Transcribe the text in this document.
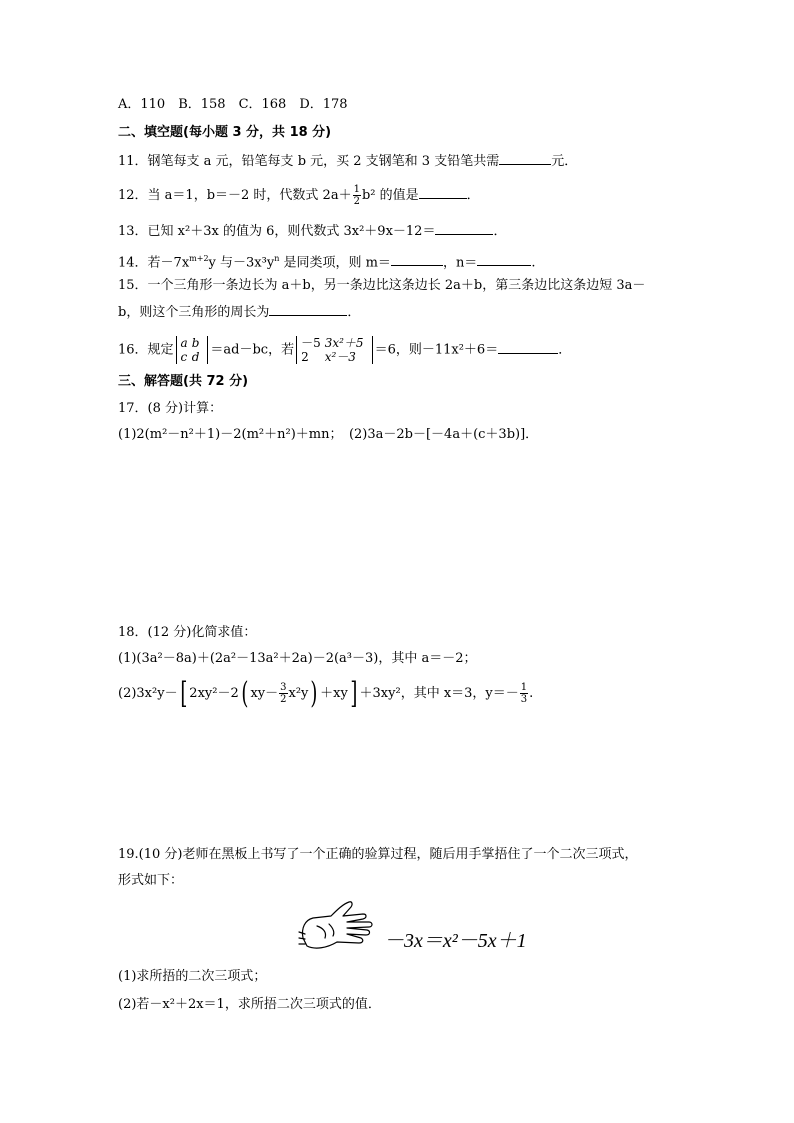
A．110　B．158　C．168　D．178
二、填空题(每小题 3 分，共 18 分)
11．钢笔每支 a 元，铅笔每支 b 元，买 2 支钢笔和 3 支铅笔共需	元．
12．当 a＝1，b＝－2 时，代数式 $2a+ \frac{1}{2} b^2$ 的值是	．
13．已知 x²＋3x 的值为 6，则代数式 3x²＋9x－12＝	．
14．若$-7x^{m+2}y$ 与$-3x^3y^n$ 是同类项，则 m＝	，n＝	.
15．一个三角形一条边长为 a＋b，另一条边比这条边长 2a＋b，第三条边比这条边短 3a－
b，则这个三角形的周长为	．
16．规定 a	b
c	d ＝ad－bc，若 －5	3x²＋5
2	x²－3 ＝6，则－11x²＋6＝	．
三、解答题(共 72 分)
17．(8 分)计算：
(1)2(m²－n²＋1)－2(m²＋n²)＋mn；　(2)3a－2b－[－4a＋(c＋3b)]．
18．(12 分)化简求值：
(1)(3a²－8a)＋(2a²－13a²＋2a)－2(a³－3)，其中 a＝－2；
(2)3x²y－[ 2xy²－2( $xy- \frac{3}{2} x^2y) +xy] +3xy^2$，其中 x＝3，$y=- \frac{1}{3}$ .
19.(10 分)老师在黑板上书写了一个正确的验算过程，随后用手掌捂住了一个二次三项式，
形式如下：
－3x＝x²－5x＋1
(1)求所捂的二次三项式；
(2)若－x²＋2x＝1，求所捂二次三项式的值．
